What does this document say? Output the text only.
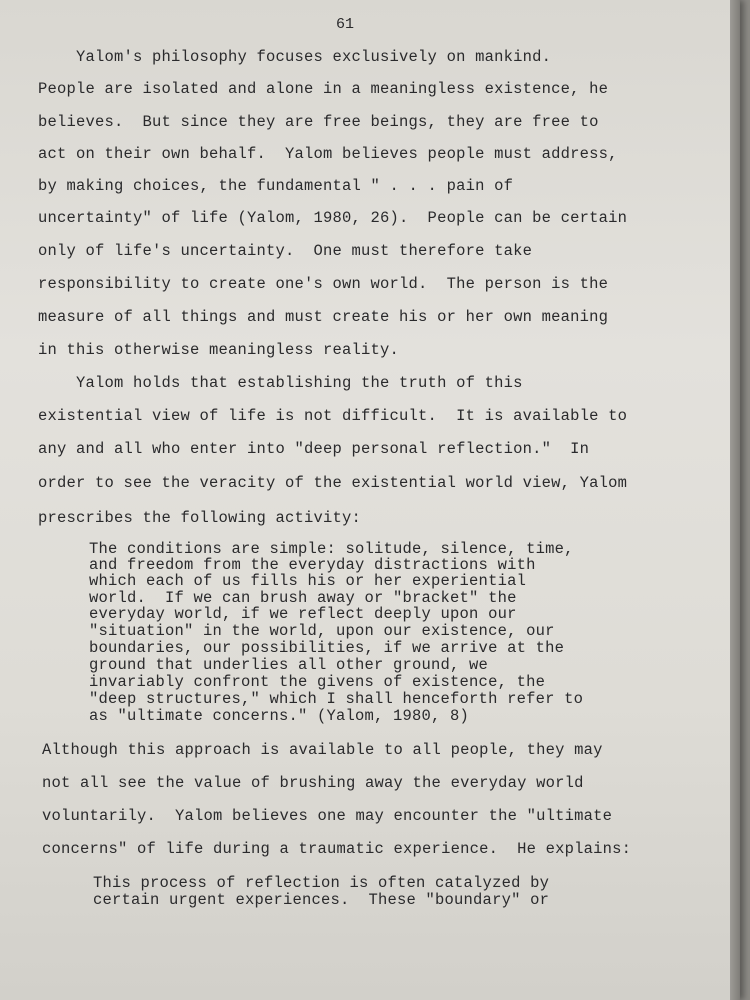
61
Yalom's philosophy focuses exclusively on mankind.
People are isolated and alone in a meaningless existence, he
believes.  But since they are free beings, they are free to
act on their own behalf.  Yalom believes people must address,
by making choices, the fundamental " . . . pain of
uncertainty" of life (Yalom, 1980, 26).  People can be certain
only of life's uncertainty.  One must therefore take
responsibility to create one's own world.  The person is the
measure of all things and must create his or her own meaning
in this otherwise meaningless reality.
Yalom holds that establishing the truth of this
existential view of life is not difficult.  It is available to
any and all who enter into "deep personal reflection."  In
order to see the veracity of the existential world view, Yalom
prescribes the following activity:
The conditions are simple: solitude, silence, time,
and freedom from the everyday distractions with
which each of us fills his or her experiential
world.  If we can brush away or "bracket" the
everyday world, if we reflect deeply upon our
"situation" in the world, upon our existence, our
boundaries, our possibilities, if we arrive at the
ground that underlies all other ground, we
invariably confront the givens of existence, the
"deep structures," which I shall henceforth refer to
as "ultimate concerns." (Yalom, 1980, 8)
Although this approach is available to all people, they may
not all see the value of brushing away the everyday world
voluntarily.  Yalom believes one may encounter the "ultimate
concerns" of life during a traumatic experience.  He explains:
This process of reflection is often catalyzed by
certain urgent experiences.  These "boundary" or
